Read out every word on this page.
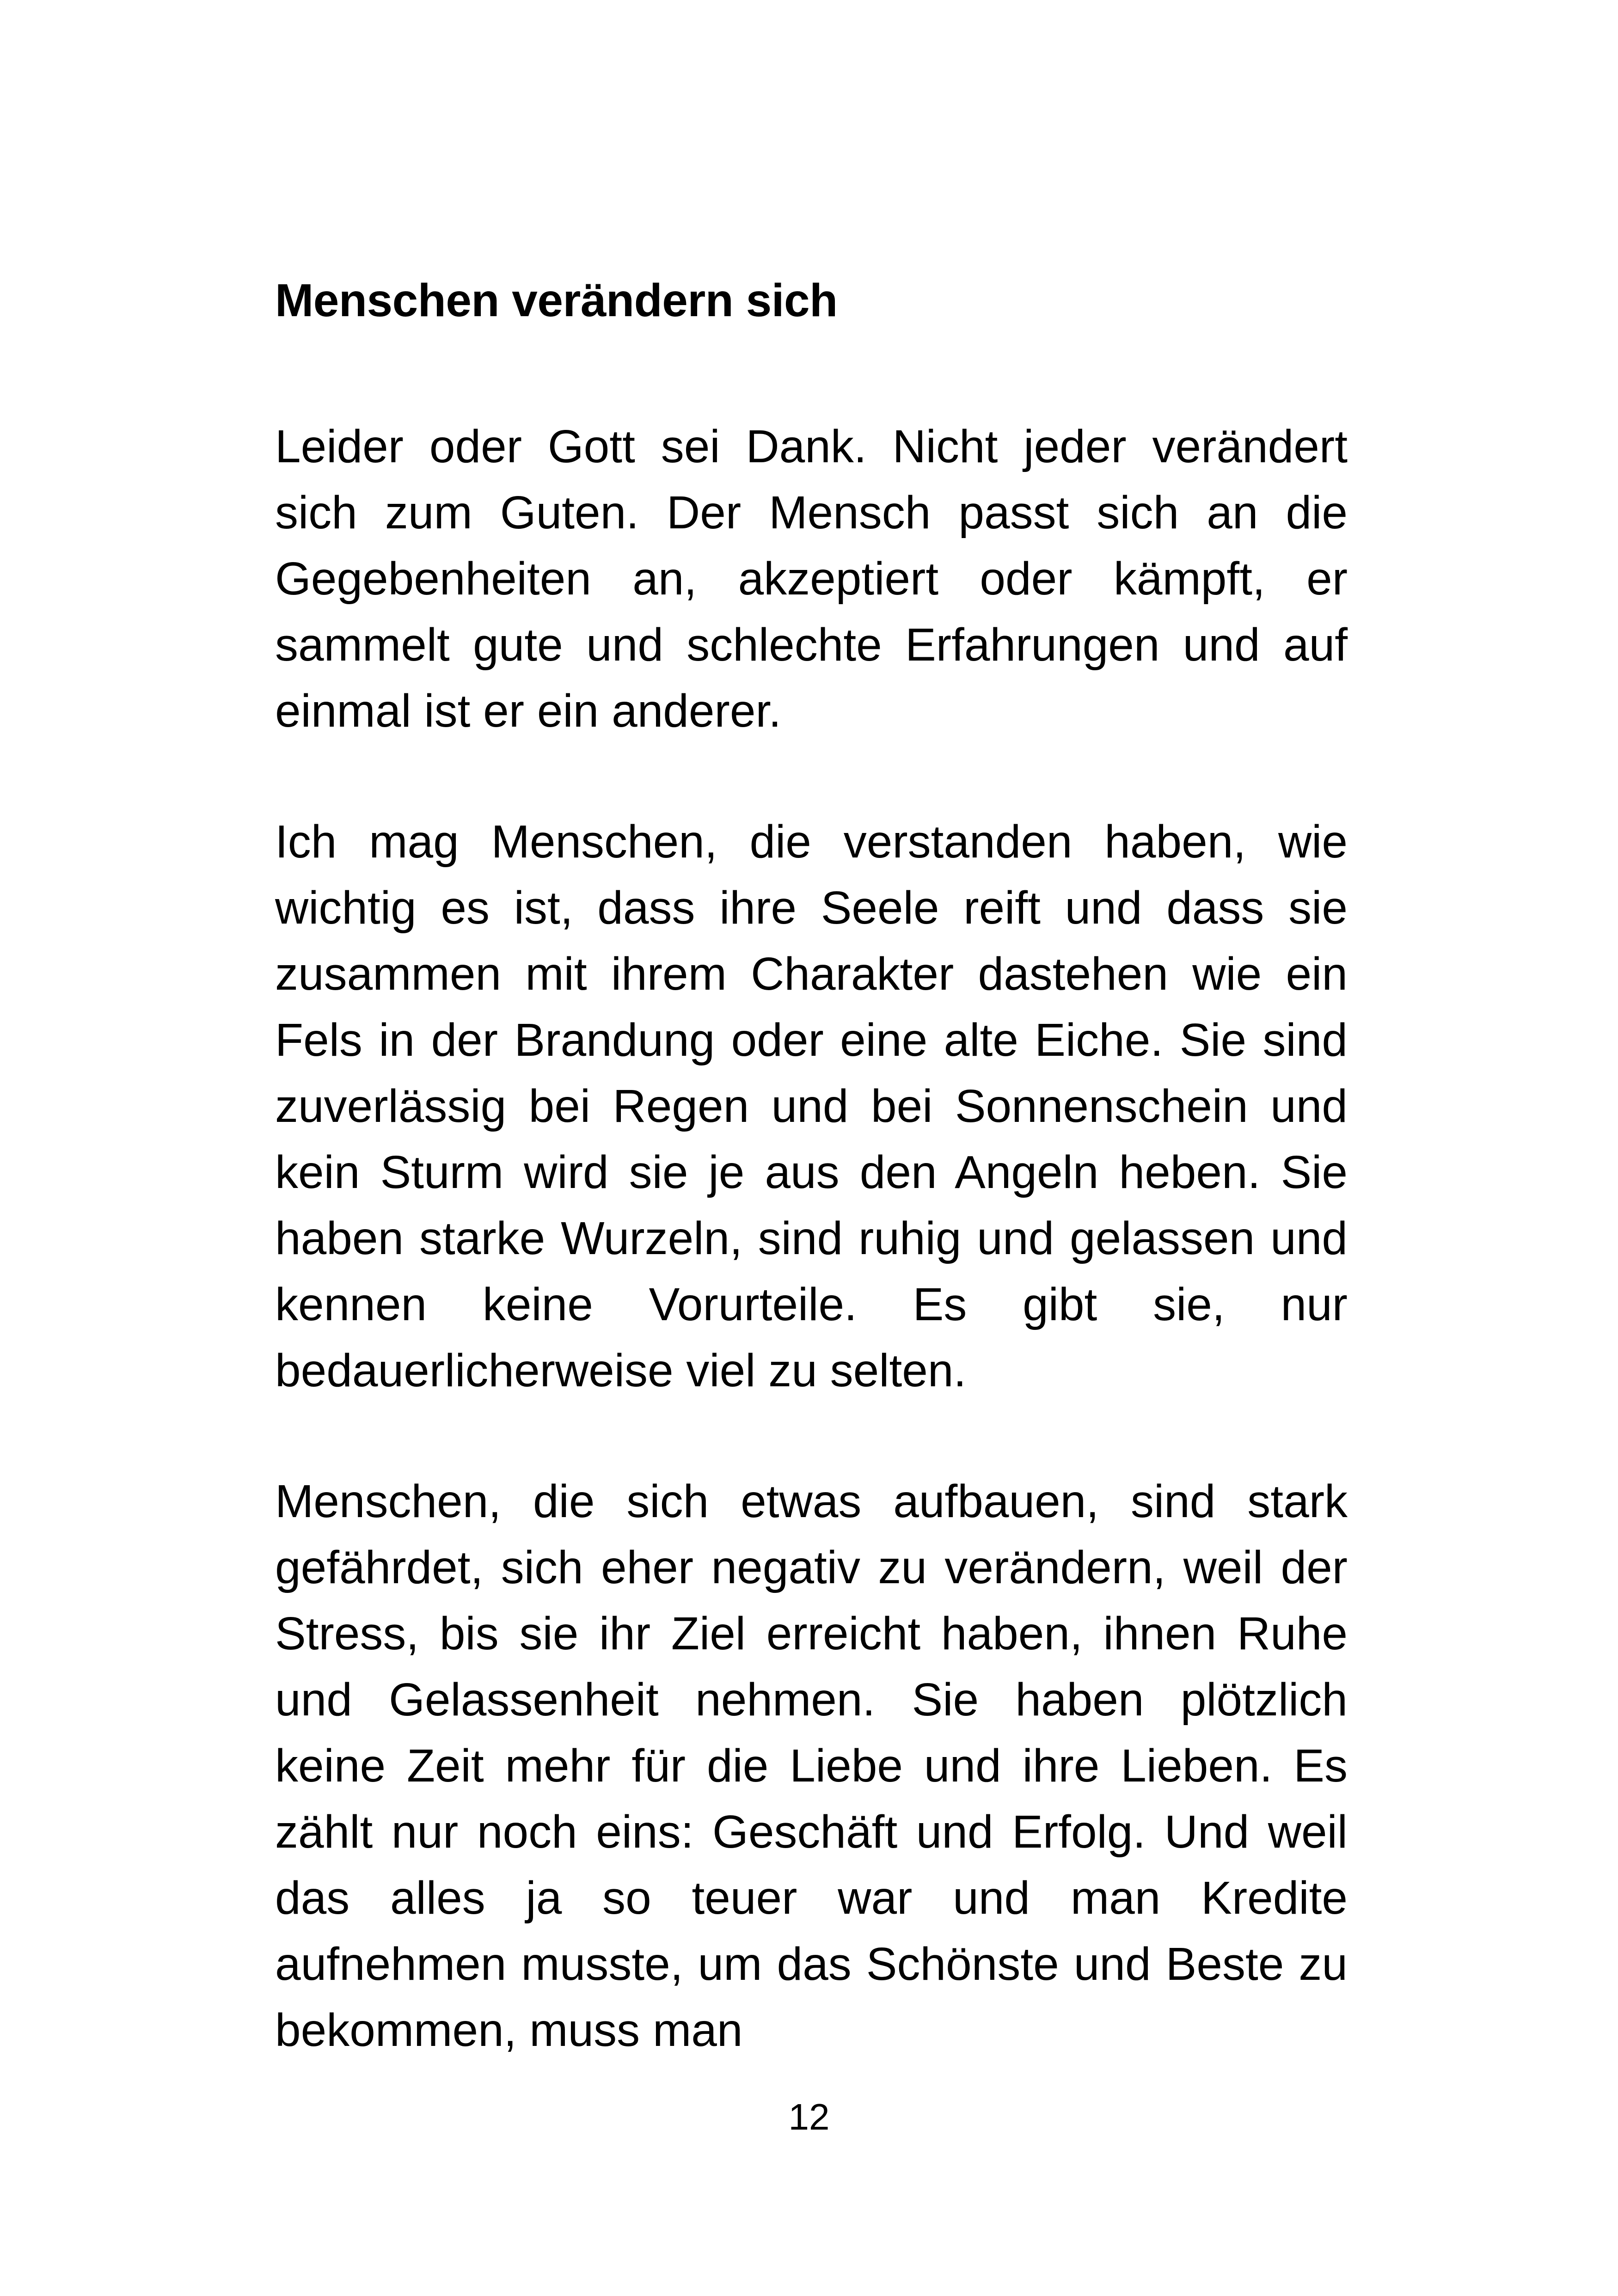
Menschen verändern sich

Leider oder Gott sei Dank. Nicht jeder verändert sich zum Guten. Der Mensch passt sich an die Gegebenheiten an, akzeptiert oder kämpft, er sammelt gute und schlechte Erfahrungen und auf einmal ist er ein anderer.

Ich mag Menschen, die verstanden haben, wie wichtig es ist, dass ihre Seele reift und dass sie zusammen mit ihrem Charakter dastehen wie ein Fels in der Brandung oder eine alte Eiche. Sie sind zuverlässig bei Regen und bei Sonnenschein und kein Sturm wird sie je aus den Angeln heben. Sie haben starke Wurzeln, sind ruhig und gelassen und kennen keine Vorurteile. Es gibt sie, nur bedauerlicherweise viel zu selten.

Menschen, die sich etwas aufbauen, sind stark gefährdet, sich eher negativ zu verändern, weil der Stress, bis sie ihr Ziel erreicht haben, ihnen Ruhe und Gelassenheit nehmen. Sie haben plötzlich keine Zeit mehr für die Liebe und ihre Lieben. Es zählt nur noch eins: Geschäft und Erfolg. Und weil das alles ja so teuer war und man Kredite aufnehmen musste, um das Schönste und Beste zu bekommen, muss man

12
